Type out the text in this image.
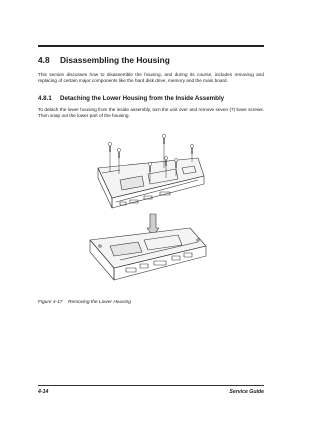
4.8 Disassembling the Housing
This section discusses how to disassemble the housing, and during its course, includes removing and replacing of certain major components like the hard disk drive, memory and the main board.
4.8.1 Detaching the Lower Housing from the Inside Assembly
To detach the lower housing from the inside assembly, turn the unit over and remove seven (7) base screws. Then snap out the lower part of the housing.
Figure 4-17 Removing the Lower Housing
4-14	Service Guide
